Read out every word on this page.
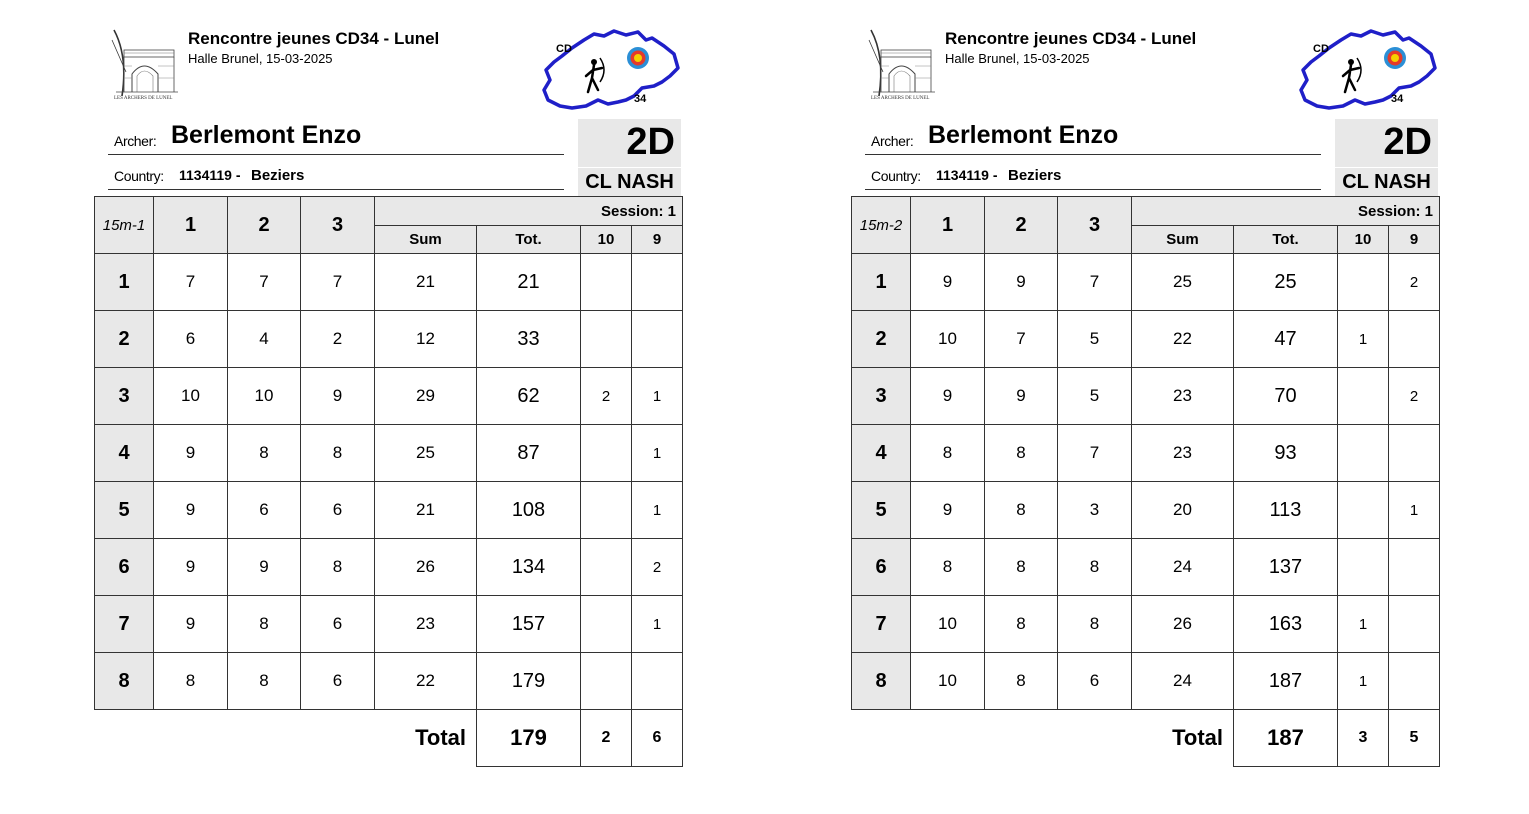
LES ARCHERS DE LUNEL
Rencontre jeunes CD34 - Lunel
Halle Brunel, 15-03-2025
CD
34
Archer: Berlemont Enzo
Country: 1134119 - Beziers
2D
CL NASH
15m-1	1	2	3	Session: 1			
				Sum	Tot.	10	9
1	7	7	7	21	21		
2	6	4	2	12	33		
3	10	10	9	29	62	2	1
4	9	8	8	25	87		1
5	9	6	6	21	108		1
6	9	9	8	26	134		2
7	9	8	6	23	157		1
8	8	8	6	22	179		
Total					179	2	6
LES ARCHERS DE LUNEL
Rencontre jeunes CD34 - Lunel
Halle Brunel, 15-03-2025
CD
34
Archer: Berlemont Enzo
Country: 1134119 - Beziers
2D
CL NASH
15m-2	1	2	3	Session: 1			
				Sum	Tot.	10	9
1	9	9	7	25	25		2
2	10	7	5	22	47	1	
3	9	9	5	23	70		2
4	8	8	7	23	93		
5	9	8	3	20	113		1
6	8	8	8	24	137		
7	10	8	8	26	163	1	
8	10	8	6	24	187	1	
Total					187	3	5
